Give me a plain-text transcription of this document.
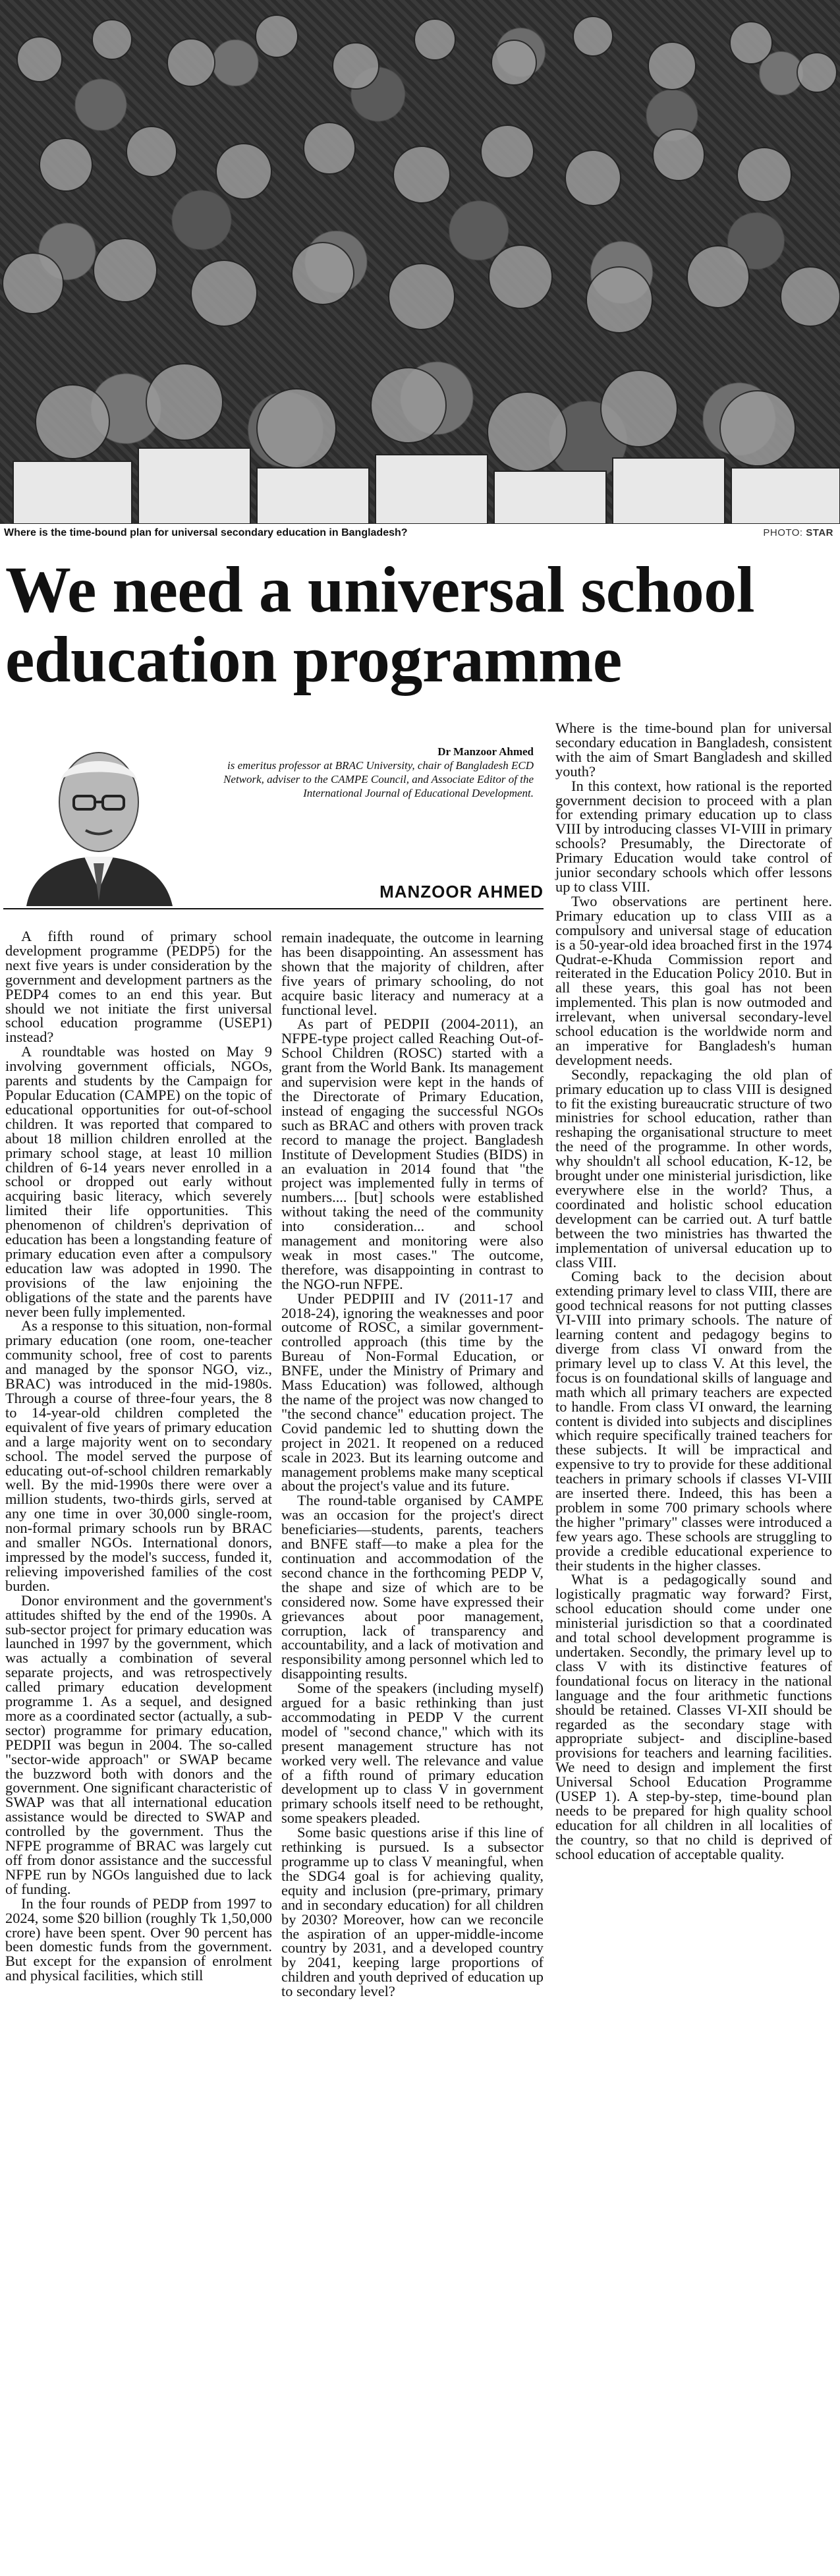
Where is the time-bound plan for universal secondary education in Bangladesh?	PHOTO: STAR
We need a universal school education programme
Dr Manzoor Ahmed
is emeritus professor at BRAC University, chair of Bangladesh ECD Network, adviser to the CAMPE Council, and Associate Editor of the International Journal of Educational Development.
MANZOOR AHMED

A fifth round of primary school development programme (PEDP5) for the next five years is under consideration by the government and development partners as the PEDP4 comes to an end this year. But should we not initiate the first universal school education programme (USEP1) instead?

A roundtable was hosted on May 9 involving government officials, NGOs, parents and students by the Campaign for Popular Education (CAMPE) on the topic of educational opportunities for out-of-school children. It was reported that compared to about 18 million children enrolled at the primary school stage, at least 10 million children of 6-14 years never enrolled in a school or dropped out early without acquiring basic literacy, which severely limited their life opportunities. This phenomenon of children's deprivation of education has been a longstanding feature of primary education even after a compulsory education law was adopted in 1990. The provisions of the law enjoining the obligations of the state and the parents have never been fully implemented.

As a response to this situation, non-formal primary education (one room, one-teacher community school, free of cost to parents and managed by the sponsor NGO, viz., BRAC) was introduced in the mid-1980s. Through a course of three-four years, the 8 to 14-year-old children completed the equivalent of five years of primary education and a large majority went on to secondary school. The model served the purpose of educating out-of-school children remarkably well. By the mid-1990s there were over a million students, two-thirds girls, served at any one time in over 30,000 single-room, non-formal primary schools run by BRAC and smaller NGOs. International donors, impressed by the model's success, funded it, relieving impoverished families of the cost burden.

Donor environment and the government's attitudes shifted by the end of the 1990s. A sub-sector project for primary education was launched in 1997 by the government, which was actually a combination of several separate projects, and was retrospectively called primary education development programme 1. As a sequel, and designed more as a coordinated sector (actually, a sub-sector) programme for primary education, PEDPII was begun in 2004. The so-called "sector-wide approach" or SWAP became the buzzword both with donors and the government. One significant characteristic of SWAP was that all international education assistance would be directed to SWAP and controlled by the government. Thus the NFPE programme of BRAC was largely cut off from donor assistance and the successful NFPE run by NGOs languished due to lack of funding.

In the four rounds of PEDP from 1997 to 2024, some $20 billion (roughly Tk 1,50,000 crore) have been spent. Over 90 percent has been domestic funds from the government. But except for the expansion of enrolment and physical facilities, which still

remain inadequate, the outcome in learning has been disappointing. An assessment has shown that the majority of children, after five years of primary schooling, do not acquire basic literacy and numeracy at a functional level.

As part of PEDPII (2004-2011), an NFPE-type project called Reaching Out-of-School Children (ROSC) started with a grant from the World Bank. Its management and supervision were kept in the hands of the Directorate of Primary Education, instead of engaging the successful NGOs such as BRAC and others with proven track record to manage the project. Bangladesh Institute of Development Studies (BIDS) in an evaluation in 2014 found that "the project was implemented fully in terms of numbers.... [but] schools were established without taking the need of the community into consideration... and school management and monitoring were also weak in most cases." The outcome, therefore, was disappointing in contrast to the NGO-run NFPE.

Under PEDPIII and IV (2011-17 and 2018-24), ignoring the weaknesses and poor outcome of ROSC, a similar government-controlled approach (this time by the Bureau of Non-Formal Education, or BNFE, under the Ministry of Primary and Mass Education) was followed, although the name of the project was now changed to "the second chance" education project. The Covid pandemic led to shutting down the project in 2021. It reopened on a reduced scale in 2023. But its learning outcome and management problems make many sceptical about the project's value and its future.

The round-table organised by CAMPE was an occasion for the project's direct beneficiaries—students, parents, teachers and BNFE staff—to make a plea for the continuation and accommodation of the second chance in the forthcoming PEDP V, the shape and size of which are to be considered now. Some have expressed their grievances about poor management, corruption, lack of transparency and accountability, and a lack of motivation and responsibility among personnel which led to disappointing results.

Some of the speakers (including myself) argued for a basic rethinking than just accommodating in PEDP V the current model of "second chance," which with its present management structure has not worked very well. The relevance and value of a fifth round of primary education development up to class V in government primary schools itself need to be rethought, some speakers pleaded.

Some basic questions arise if this line of rethinking is pursued. Is a subsector programme up to class V meaningful, when the SDG4 goal is for achieving quality, equity and inclusion (pre-primary, primary and in secondary education) for all children by 2030? Moreover, how can we reconcile the aspiration of an upper-middle-income country by 2031, and a developed country by 2041, keeping large proportions of children and youth deprived of education up to secondary level?

Where is the time-bound plan for universal secondary education in Bangladesh, consistent with the aim of Smart Bangladesh and skilled youth?

In this context, how rational is the reported government decision to proceed with a plan for extending primary education up to class VIII by introducing classes VI-VIII in primary schools? Presumably, the Directorate of Primary Education would take control of junior secondary schools which offer lessons up to class VIII.

Two observations are pertinent here. Primary education up to class VIII as a compulsory and universal stage of education is a 50-year-old idea broached first in the 1974 Qudrat-e-Khuda Commission report and reiterated in the Education Policy 2010. But in all these years, this goal has not been implemented. This plan is now outmoded and irrelevant, when universal secondary-level school education is the worldwide norm and an imperative for Bangladesh's human development needs.

Secondly, repackaging the old plan of primary education up to class VIII is designed to fit the existing bureaucratic structure of two ministries for school education, rather than reshaping the organisational structure to meet the need of the programme. In other words, why shouldn't all school education, K-12, be brought under one ministerial jurisdiction, like everywhere else in the world? Thus, a coordinated and holistic school education development can be carried out. A turf battle between the two ministries has thwarted the implementation of universal education up to class VIII.

Coming back to the decision about extending primary level to class VIII, there are good technical reasons for not putting classes VI-VIII into primary schools. The nature of learning content and pedagogy begins to diverge from class VI onward from the primary level up to class V. At this level, the focus is on foundational skills of language and math which all primary teachers are expected to handle. From class VI onward, the learning content is divided into subjects and disciplines which require specifically trained teachers for these subjects. It will be impractical and expensive to try to provide for these additional teachers in primary schools if classes VI-VIII are inserted there. Indeed, this has been a problem in some 700 primary schools where the higher "primary" classes were introduced a few years ago. These schools are struggling to provide a credible educational experience to their students in the higher classes.

What is a pedagogically sound and logistically pragmatic way forward? First, school education should come under one ministerial jurisdiction so that a coordinated and total school development programme is undertaken. Secondly, the primary level up to class V with its distinctive features of foundational focus on literacy in the national language and the four arithmetic functions should be retained. Classes VI-XII should be regarded as the secondary stage with appropriate subject- and discipline-based provisions for teachers and learning facilities. We need to design and implement the first Universal School Education Programme (USEP 1). A step-by-step, time-bound plan needs to be prepared for high quality school education for all children in all localities of the country, so that no child is deprived of school education of acceptable quality.
